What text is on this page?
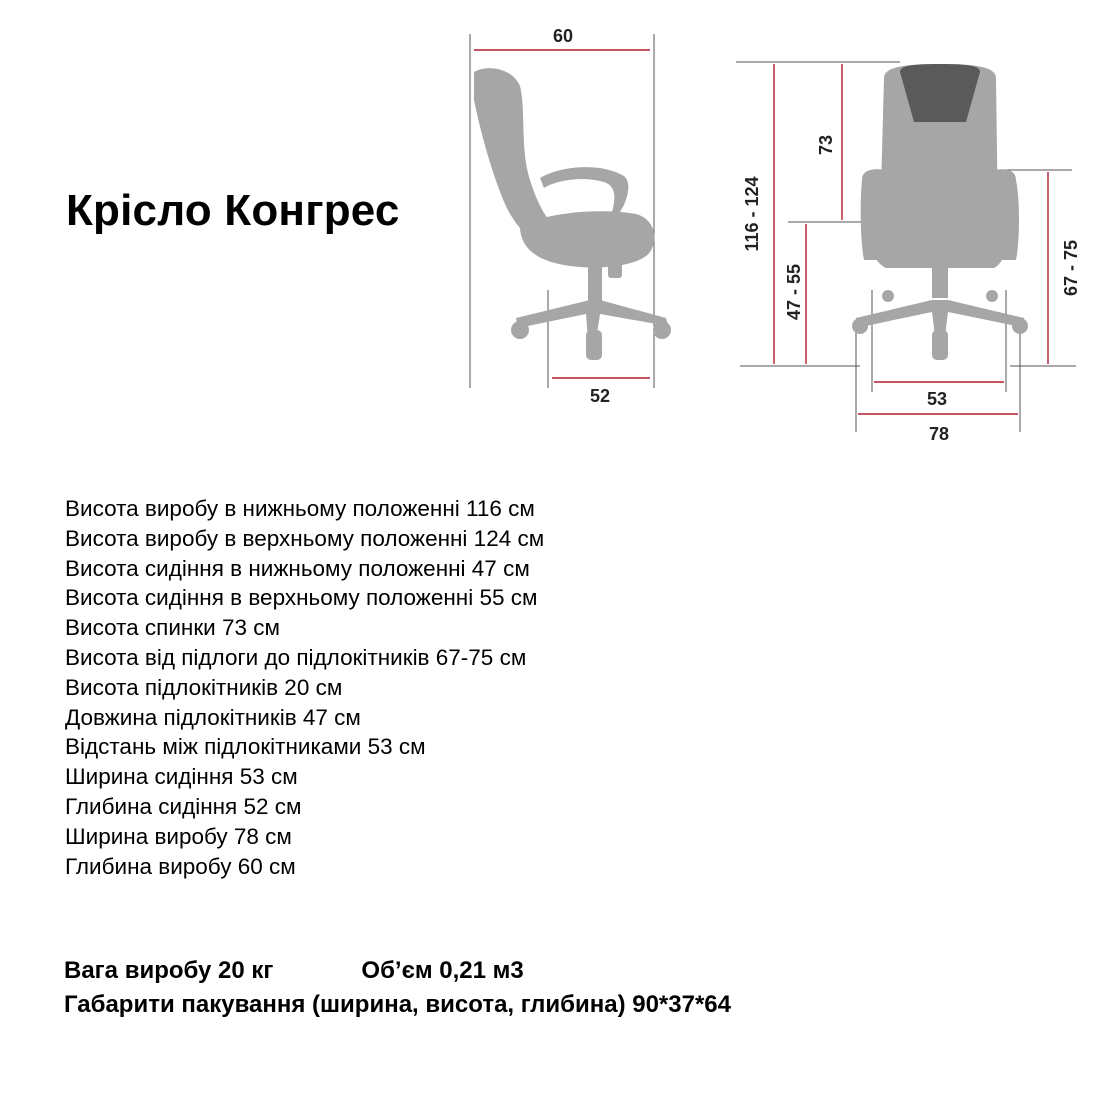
Крісло Конгрес
60
52
116 - 124
73
47 - 55	67 - 75
53
78
Висота виробу в нижньому положенні 116 см
Висота виробу в верхньому положенні 124 см
Висота сидіння в нижньому положенні 47 см
Висота сидіння в верхньому положенні 55 см
Висота спинки 73 см
Висота від підлоги до підлокітників 67-75 см
Висота підлокітників 20 см
Довжина підлокітників 47 см
Відстань між підлокітниками 53 см
Ширина сидіння 53 см
Глибина сидіння 52 см
Ширина виробу 78 см
Глибина виробу 60 см
Вага виробу 20 кг	Об’єм 0,21 м3
Габарити пакування (ширина, висота, глибина) 90*37*64
